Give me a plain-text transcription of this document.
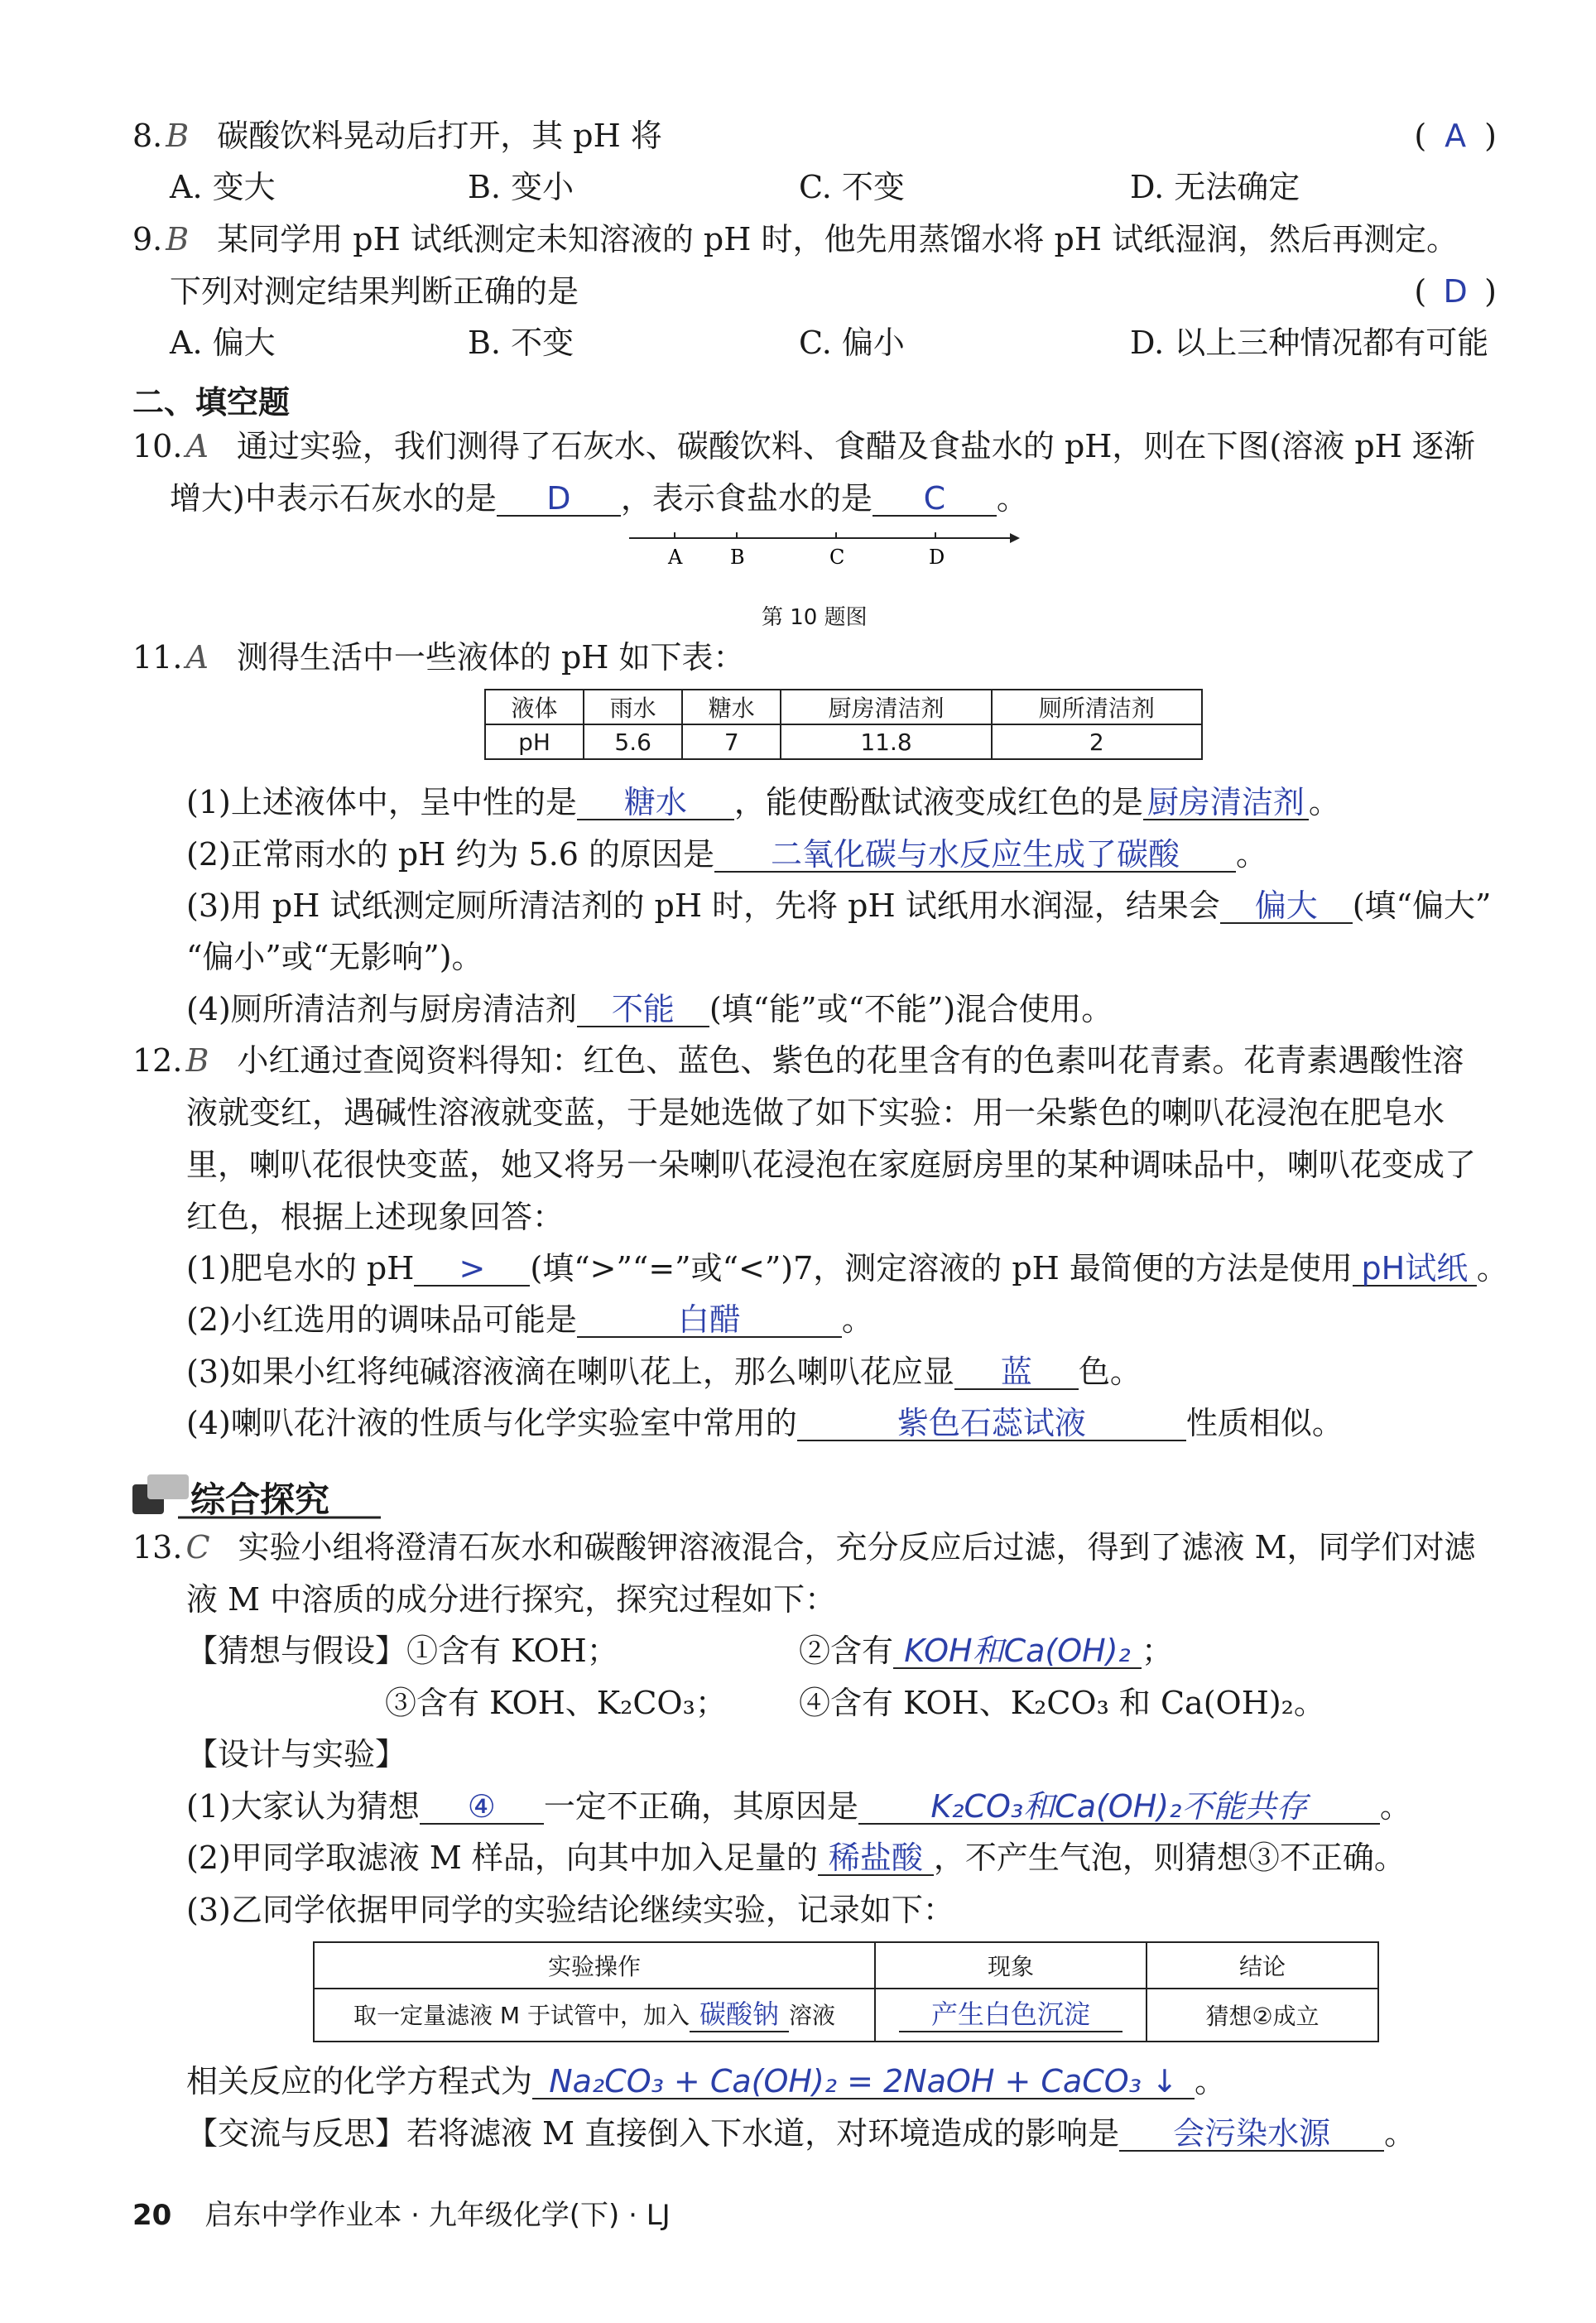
8. B 碳酸饮料晃动后打开，其 pH 将	( A )
A. 变大	B. 变小	C. 不变	D. 无法确定
9. B 某同学用 pH 试纸测定未知溶液的 pH 时，他先用蒸馏水将 pH 试纸湿润，然后再测定。
下列对测定结果判断正确的是	( D )
A. 偏大	B. 不变	C. 偏小	D. 以上三种情况都有可能
二、填空题
10. A 通过实验，我们测得了石灰水、碳酸饮料、食醋及食盐水的 pH，则在下图(溶液 pH 逐渐
增大)中表示石灰水的是 D ，表示食盐水的是 C 。
A B	C	D
第 10 题图
11. A 测得生活中一些液体的 pH 如下表：
液体	雨水	糖水	厨房清洁剂	厕所清洁剂
pH	5.6	7	11.8	2
(1)上述液体中，呈中性的是 糖水 ，能使酚酞试液变成红色的是 厨房清洁剂 。
(2)正常雨水的 pH 约为 5.6 的原因是 二氧化碳与水反应生成了碳酸 。
(3)用 pH 试纸测定厕所清洁剂的 pH 时，先将 pH 试纸用水润湿，结果会 偏大 (填“偏大”
“偏小”或“无影响”)。
(4)厕所清洁剂与厨房清洁剂 不能 (填“能”或“不能”)混合使用。
12. B 小红通过查阅资料得知：红色、蓝色、紫色的花里含有的色素叫花青素。花青素遇酸性溶
液就变红，遇碱性溶液就变蓝，于是她选做了如下实验：用一朵紫色的喇叭花浸泡在肥皂水
里，喇叭花很快变蓝，她又将另一朵喇叭花浸泡在家庭厨房里的某种调味品中，喇叭花变成了
红色，根据上述现象回答：
(1)肥皂水的 pH > (填“>”“=”或“<”)7，测定溶液的 pH 最简便的方法是使用 pH试纸 。
(2)小红选用的调味品可能是	白醋	。
(3)如果小红将纯碱溶液滴在喇叭花上，那么喇叭花应显 蓝 色。
(4)喇叭花汁液的性质与化学实验室中常用的	紫色石蕊试液	性质相似。
综合探究
13. C 实验小组将澄清石灰水和碳酸钾溶液混合，充分反应后过滤，得到了滤液 M，同学们对滤
液 M 中溶质的成分进行探究，探究过程如下：
【猜想与假设】①含有 KOH；	②含有 KOH和Ca(OH)₂ ；
③含有 KOH、K₂CO₃； ④含有 KOH、K₂CO₃ 和 Ca(OH)₂。
【设计与实验】
(1)大家认为猜想 ④ 一定不正确，其原因是 K₂CO₃和Ca(OH)₂不能共存 。
(2)甲同学取滤液 M 样品，向其中加入足量的 稀盐酸 ，不产生气泡，则猜想③不正确。
(3)乙同学依据甲同学的实验结论继续实验，记录如下：
实验操作	现象	结论
取一定量滤液 M 于试管中，加入 碳酸钠 溶液	产生白色沉淀	猜想②成立
相关反应的化学方程式为 Na₂CO₃ + Ca(OH)₂ = 2NaOH + CaCO₃ ↓ 。
【交流与反思】若将滤液 M 直接倒入下水道，对环境造成的影响是 会污染水源 。
20 启东中学作业本 · 九年级化学(下) · LJ
